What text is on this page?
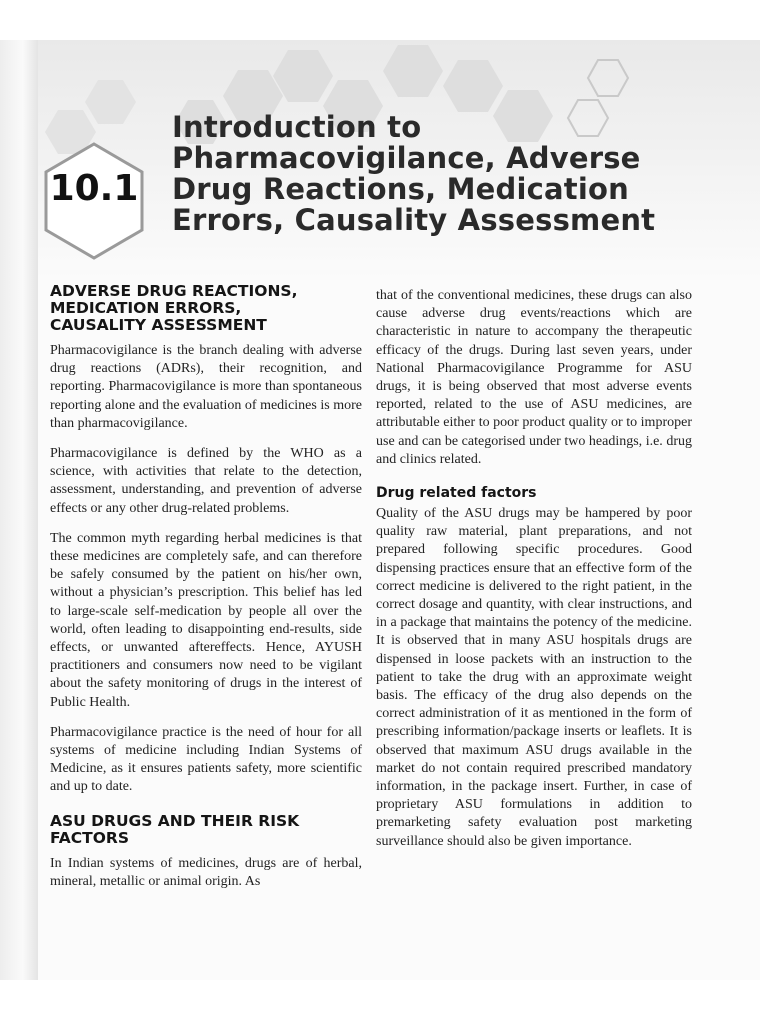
10.1
Introduction to
Pharmacovigilance, Adverse
Drug Reactions, Medication
Errors, Causality Assessment
ADVERSE DRUG REACTIONS,
MEDICATION ERRORS,
CAUSALITY ASSESSMENT

Pharmacovigilance is the branch dealing with adverse drug reactions (ADRs), their recognition, and reporting. Pharmacovigilance is more than spontaneous reporting alone and the evaluation of medicines is more than pharmacovigilance.

Pharmacovigilance is defined by the WHO as a science, with activities that relate to the detection, assessment, understanding, and prevention of adverse effects or any other drug-related problems.

The common myth regarding herbal medicines is that these medicines are completely safe, and can therefore be safely consumed by the patient on his/her own, without a physician’s prescription. This belief has led to large-scale self-medication by people all over the world, often leading to disappointing end-results, side effects, or unwanted aftereffects. Hence, AYUSH practitioners and consumers now need to be vigilant about the safety monitoring of drugs in the interest of Public Health.

Pharmacovigilance practice is the need of hour for all systems of medicine including Indian Systems of Medicine, as it ensures patients safety, more scientific and up to date.

ASU DRUGS AND THEIR RISK
FACTORS

In Indian systems of medicines, drugs are of herbal, mineral, metallic or animal origin. As

that of the conventional medicines, these drugs can also cause adverse drug events/reactions which are characteristic in nature to accompany the therapeutic efficacy of the drugs. During last seven years, under National Pharmacovigilance Programme for ASU drugs, it is being observed that most adverse events reported, related to the use of ASU medicines, are attributable either to poor product quality or to improper use and can be categorised under two headings, i.e. drug and clinics related.

Drug related factors

Quality of the ASU drugs may be hampered by poor quality raw material, plant preparations, and not prepared following specific procedures. Good dispensing practices ensure that an effective form of the correct medicine is delivered to the right patient, in the correct dosage and quantity, with clear instructions, and in a package that maintains the potency of the medicine. It is observed that in many ASU hospitals drugs are dispensed in loose packets with an instruction to the patient to take the drug with an approximate weight basis. The efficacy of the drug also depends on the correct administration of it as mentioned in the form of prescribing information/package inserts or leaflets. It is observed that maximum ASU drugs available in the market do not contain required prescribed mandatory information, in the package insert. Further, in case of proprietary ASU formulations in addition to premarketing safety evaluation post marketing surveillance should also be given importance.
